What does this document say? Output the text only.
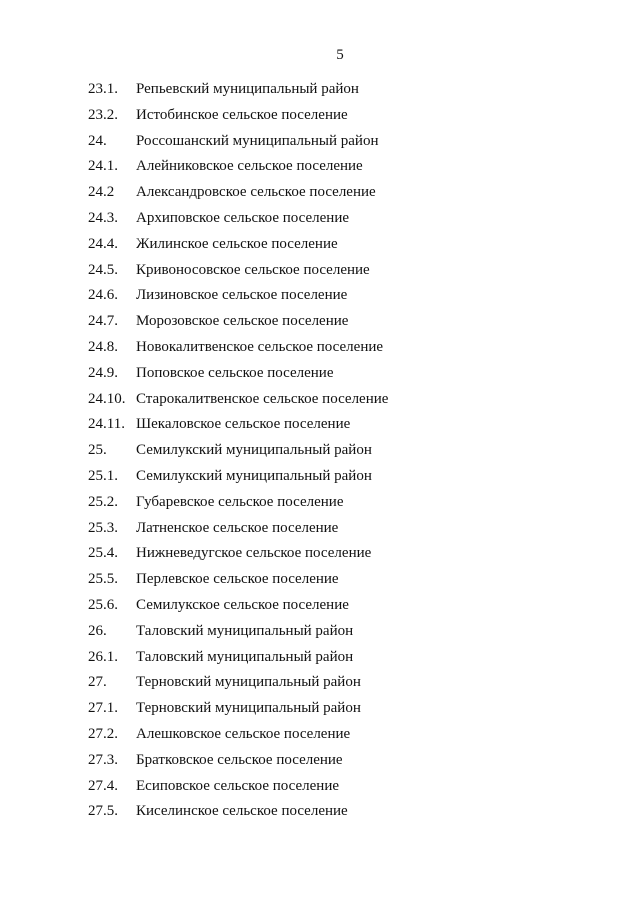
5
23.1. Репьевский муниципальный район
23.2. Истобинское сельское поселение
24. Россошанский муниципальный район
24.1. Алейниковское сельское поселение
24.2 Александровское сельское поселение
24.3. Архиповское сельское поселение
24.4. Жилинское сельское поселение
24.5. Кривоносовское сельское поселение
24.6. Лизиновское сельское поселение
24.7. Морозовское сельское поселение
24.8. Новокалитвенское сельское поселение
24.9. Поповское сельское поселение
24.10. Старокалитвенское сельское поселение
24.11. Шекаловское сельское поселение
25. Семилукский муниципальный район
25.1. Семилукский муниципальный район
25.2. Губаревское сельское поселение
25.3. Латненское сельское поселение
25.4. Нижневедугское сельское поселение
25.5. Перлевское сельское поселение
25.6. Семилукское сельское поселение
26. Таловский муниципальный район
26.1. Таловский муниципальный район
27. Терновский муниципальный район
27.1. Терновский муниципальный район
27.2. Алешковское сельское поселение
27.3. Братковское сельское поселение
27.4. Есиповское сельское поселение
27.5. Киселинское сельское поселение
